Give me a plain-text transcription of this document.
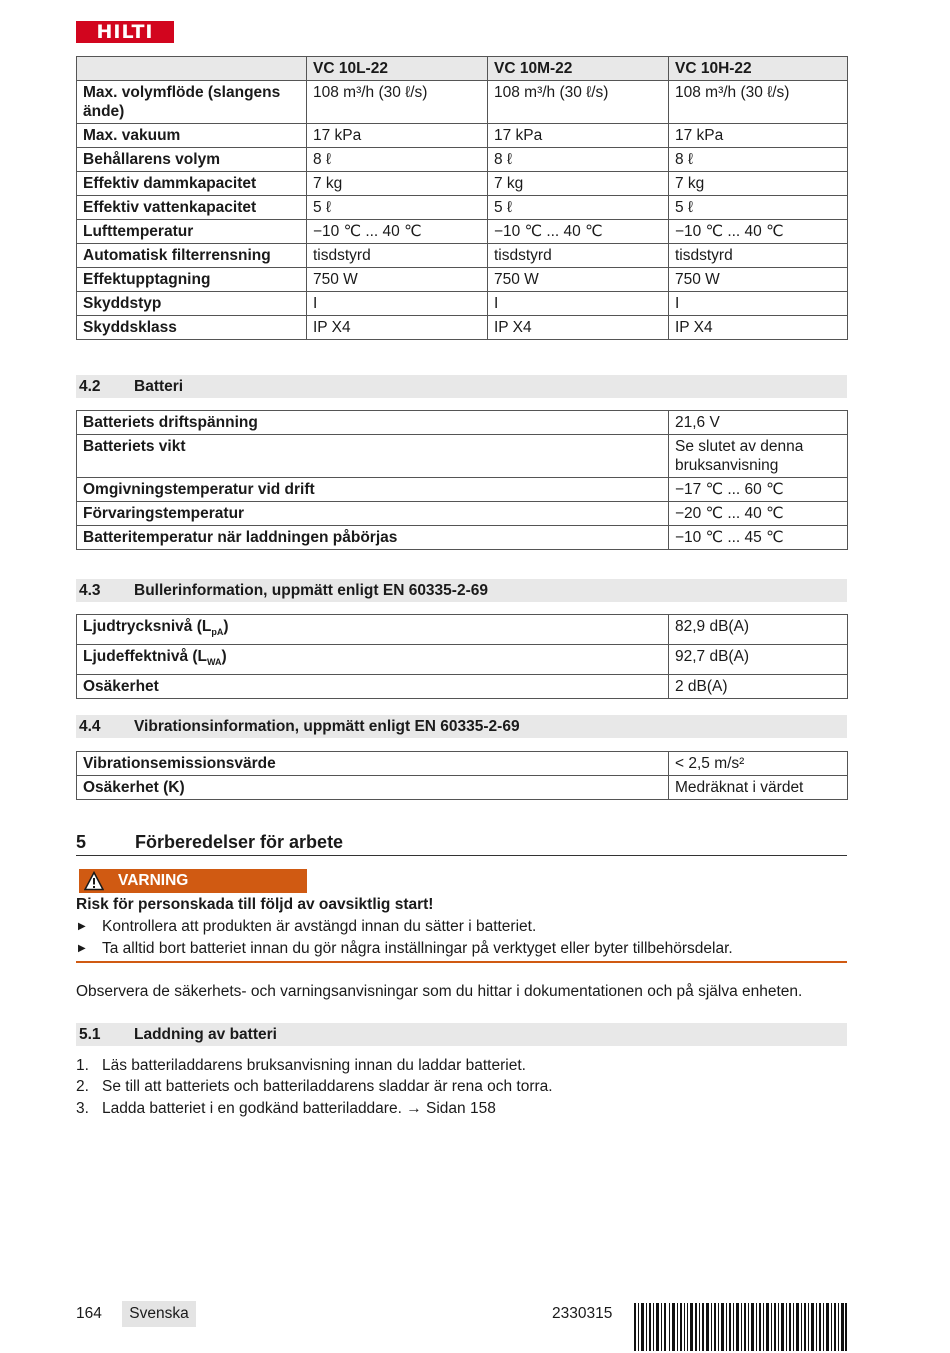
HILTI
	VC 10L-22	VC 10M-22	VC 10H-22
Max. volymflöde (slangens ände)	108 m³/h (30 ℓ/s)	108 m³/h (30 ℓ/s)	108 m³/h (30 ℓ/s)
Max. vakuum	17 kPa	17 kPa	17 kPa
Behållarens volym	8 ℓ	8 ℓ	8 ℓ
Effektiv dammkapacitet	7 kg	7 kg	7 kg
Effektiv vattenkapacitet	5 ℓ	5 ℓ	5 ℓ
Lufttemperatur	−10 ℃ ... 40 ℃	−10 ℃ ... 40 ℃	−10 ℃ ... 40 ℃
Automatisk filterrensning	tisdstyrd	tisdstyrd	tisdstyrd
Effektupptagning	750 W	750 W	750 W
Skyddstyp	I	I	I
Skyddsklass	IP X4	IP X4	IP X4
4.2 Batteri
Batteriets driftspänning	21,6 V
Batteriets vikt	Se slutet av denna bruksanvisning
Omgivningstemperatur vid drift	−17 ℃ ... 60 ℃
Förvaringstemperatur	−20 ℃ ... 40 ℃
Batteritemperatur när laddningen påbörjas	−10 ℃ ... 45 ℃
4.3 Bullerinformation, uppmätt enligt EN 60335-2-69
Ljudtrycksnivå $(L_{pA})$	82,9 dB(A)
Ljudeffektnivå $(L_{WA})$	92,7 dB(A)
Osäkerhet	2 dB(A)
4.4 Vibrationsinformation, uppmätt enligt EN 60335-2-69
Vibrationsemissionsvärde	< 2,5 m/s²
Osäkerhet (K)	Medräknat i värdet
5	Förberedelser för arbete
VARNING
Risk för personskada till följd av oavsiktlig start!
▶ Kontrollera att produkten är avstängd innan du sätter i batteriet.
▶ Ta alltid bort batteriet innan du gör några inställningar på verktyget eller byter tillbehörsdelar.
Observera de säkerhets- och varningsanvisningar som du hittar i dokumentationen och på själva enheten.
5.1 Laddning av batteri
1. Läs batteriladdarens bruksanvisning innan du laddar batteriet.
2. Se till att batteriets och batteriladdarens sladdar är rena och torra.
3. Ladda batteriet i en godkänd batteriladdare. → Sidan 158
164	Svenska	2330315
